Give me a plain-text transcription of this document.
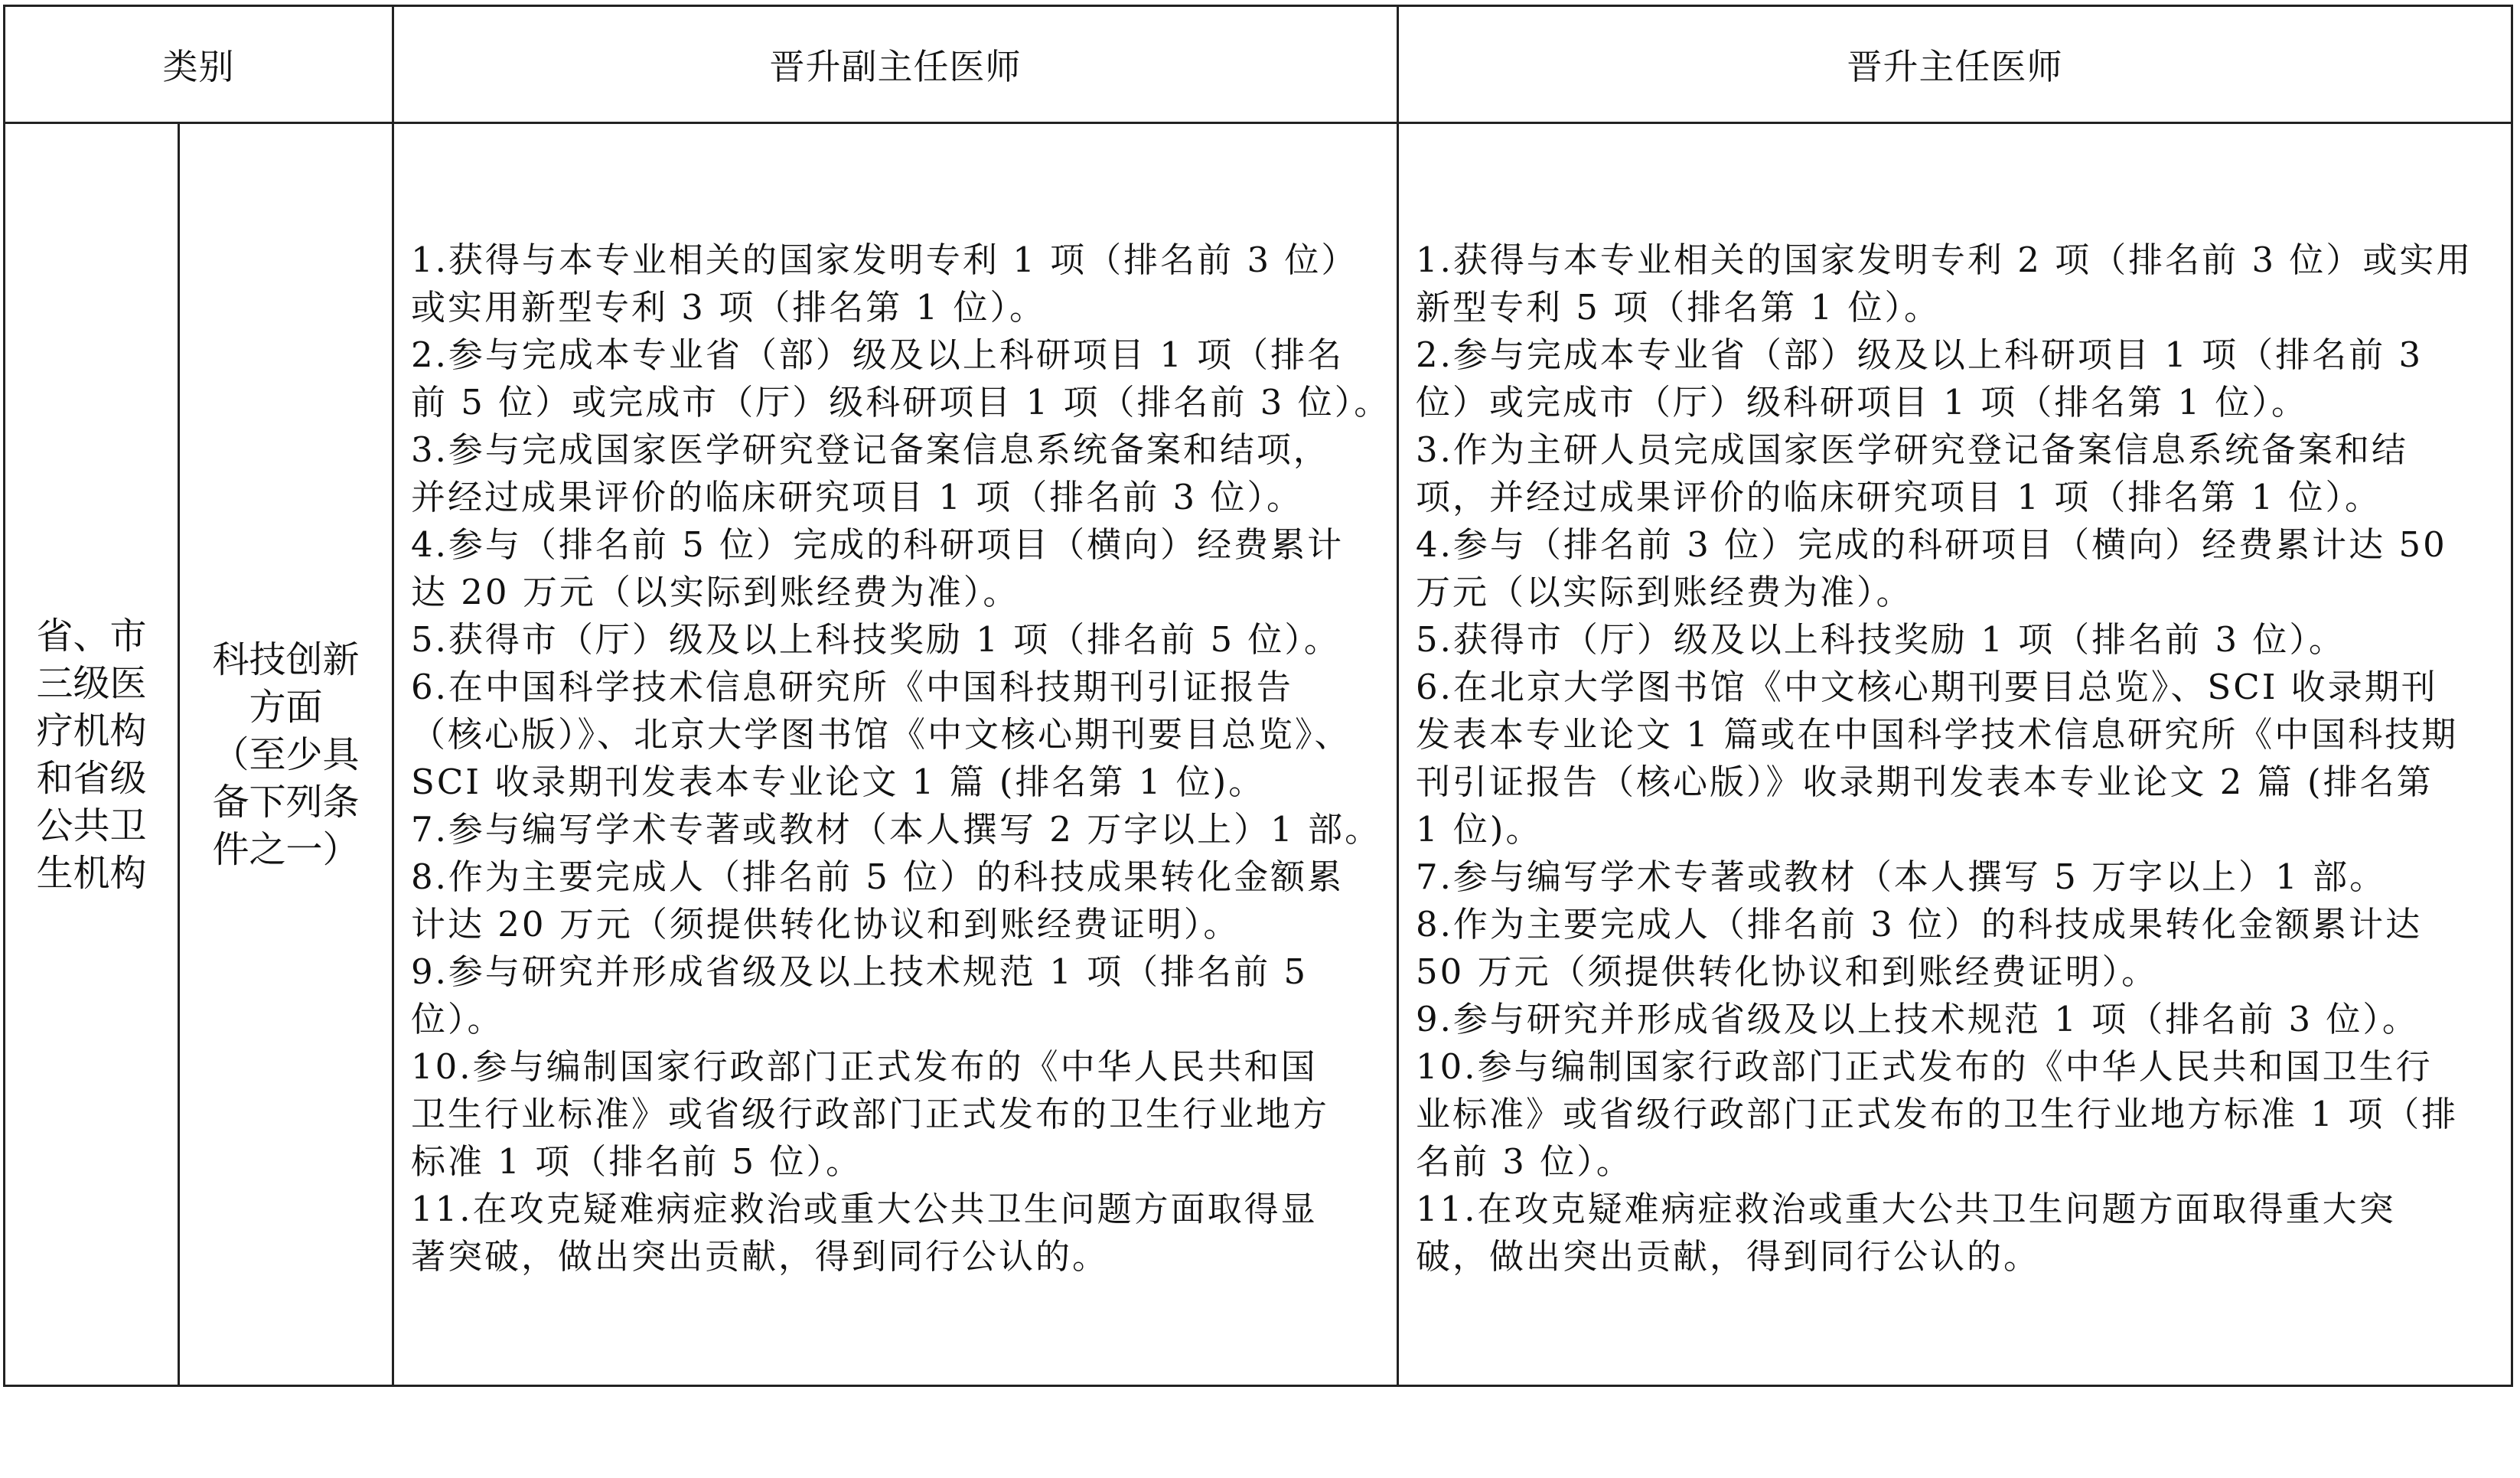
类别	晋升副主任医师	晋升主任医师
省、市
三级医
疗机构
和省级
公共卫
生机构
科技创新
方面
（至少具
备下列条
件之一）
1.获得与本专业相关的国家发明专利 1 项（排名前 3 位）
或实用新型专利 3 项（排名第 1 位）。
2.参与完成本专业省（部）级及以上科研项目 1 项（排名
前 5 位）或完成市（厅）级科研项目 1 项（排名前 3 位）。
3.参与完成国家医学研究登记备案信息系统备案和结项，
并经过成果评价的临床研究项目 1 项（排名前 3 位）。
4.参与（排名前 5 位）完成的科研项目（横向）经费累计
达 20 万元（以实际到账经费为准）。
5.获得市（厅）级及以上科技奖励 1 项（排名前 5 位）。
6.在中国科学技术信息研究所《中国科技期刊引证报告
（核心版）》、北京大学图书馆《中文核心期刊要目总览》、
SCI 收录期刊发表本专业论文 1 篇 (排名第 1 位)。
7.参与编写学术专著或教材（本人撰写 2 万字以上）1 部。
8.作为主要完成人（排名前 5 位）的科技成果转化金额累
计达 20 万元（须提供转化协议和到账经费证明）。
9.参与研究并形成省级及以上技术规范 1 项（排名前 5
位）。
10.参与编制国家行政部门正式发布的《中华人民共和国
卫生行业标准》或省级行政部门正式发布的卫生行业地方
标准 1 项（排名前 5 位）。
11.在攻克疑难病症救治或重大公共卫生问题方面取得显
著突破，做出突出贡献，得到同行公认的。
1.获得与本专业相关的国家发明专利 2 项（排名前 3 位）或实用
新型专利 5 项（排名第 1 位）。
2.参与完成本专业省（部）级及以上科研项目 1 项（排名前 3
位）或完成市（厅）级科研项目 1 项（排名第 1 位）。
3.作为主研人员完成国家医学研究登记备案信息系统备案和结
项，并经过成果评价的临床研究项目 1 项（排名第 1 位）。
4.参与（排名前 3 位）完成的科研项目（横向）经费累计达 50
万元（以实际到账经费为准）。
5.获得市（厅）级及以上科技奖励 1 项（排名前 3 位）。
6.在北京大学图书馆《中文核心期刊要目总览》、SCI 收录期刊
发表本专业论文 1 篇或在中国科学技术信息研究所《中国科技期
刊引证报告（核心版）》收录期刊发表本专业论文 2 篇 (排名第
1 位)。
7.参与编写学术专著或教材（本人撰写 5 万字以上）1 部。
8.作为主要完成人（排名前 3 位）的科技成果转化金额累计达
50 万元（须提供转化协议和到账经费证明）。
9.参与研究并形成省级及以上技术规范 1 项（排名前 3 位）。
10.参与编制国家行政部门正式发布的《中华人民共和国卫生行
业标准》或省级行政部门正式发布的卫生行业地方标准 1 项（排
名前 3 位）。
11.在攻克疑难病症救治或重大公共卫生问题方面取得重大突
破，做出突出贡献，得到同行公认的。
